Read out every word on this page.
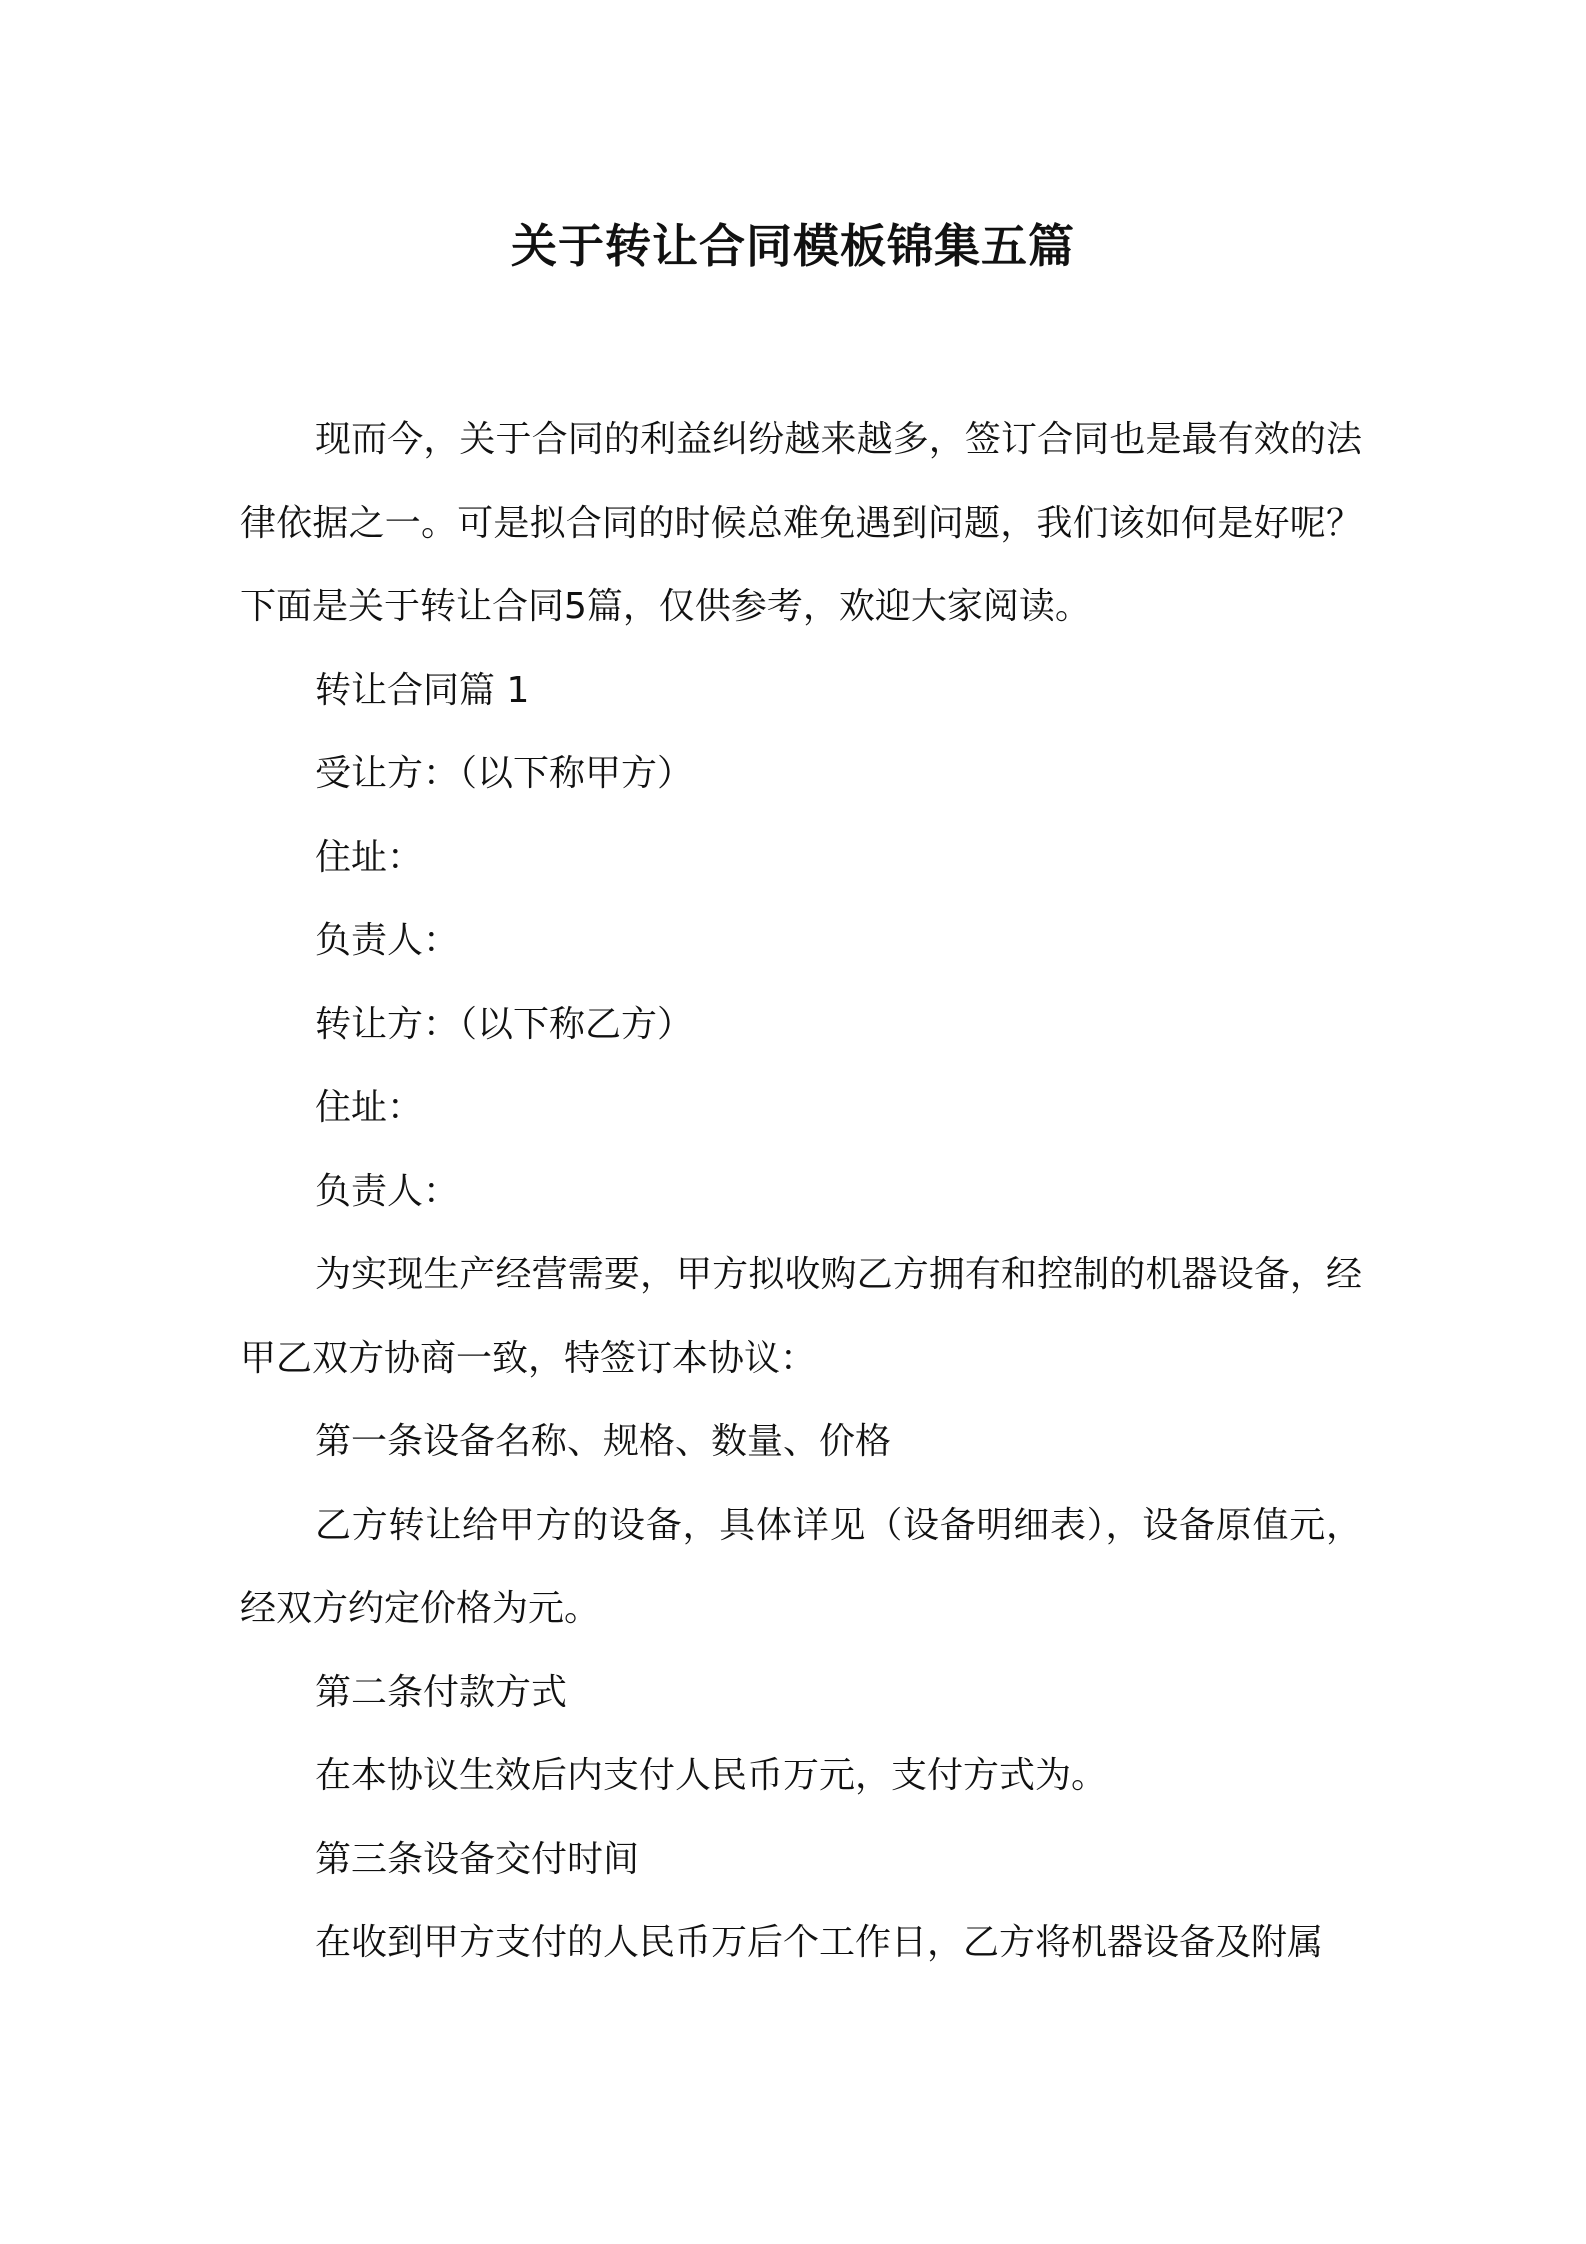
关于转让合同模板锦集五篇

现而今，关于合同的利益纠纷越来越多，签订合同也是最有效的法律依据之一。可是拟合同的时候总难免遇到问题，我们该如何是好呢？下面是关于转让合同5篇，仅供参考，欢迎大家阅读。

转让合同篇 1

受让方：（以下称甲方）

住址：

负责人：

转让方：（以下称乙方）

住址：

负责人：

为实现生产经营需要，甲方拟收购乙方拥有和控制的机器设备，经甲乙双方协商一致，特签订本协议：

第一条设备名称、规格、数量、价格

乙方转让给甲方的设备，具体详见（设备明细表），设备原值元，经双方约定价格为元。

第二条付款方式

在本协议生效后内支付人民币万元，支付方式为。

第三条设备交付时间

在收到甲方支付的人民币万后个工作日，乙方将机器设备及附属
